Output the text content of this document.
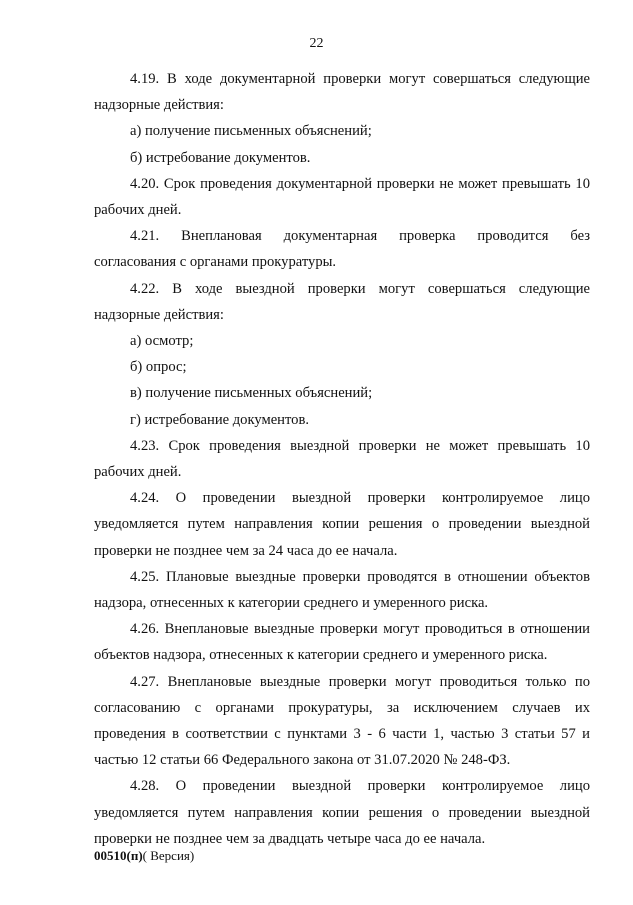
22

4.19. В ходе документарной проверки могут совершаться следующие
надзорные действия:

а) получение письменных объяснений;

б) истребование документов.

4.20. Срок проведения документарной проверки не может превышать 10
рабочих дней.

4.21. Внеплановая документарная проверка проводится без
согласования с органами прокуратуры.

4.22. В ходе выездной проверки могут совершаться следующие
надзорные действия:

а) осмотр;

б) опрос;

в) получение письменных объяснений;

г) истребование документов.

4.23. Срок проведения выездной проверки не может превышать 10
рабочих дней.

4.24. О проведении выездной проверки контролируемое лицо
уведомляется путем направления копии решения о проведении выездной
проверки не позднее чем за 24 часа до ее начала.

4.25. Плановые выездные проверки проводятся в отношении объектов
надзора, отнесенных к категории среднего и умеренного риска.

4.26. Внеплановые выездные проверки могут проводиться в отношении
объектов надзора, отнесенных к категории среднего и умеренного риска.

4.27. Внеплановые выездные проверки могут проводиться только по
согласованию с органами прокуратуры, за исключением случаев их
проведения в соответствии с пунктами 3 - 6 части 1, частью 3 статьи 57 и
частью 12 статьи 66 Федерального закона от 31.07.2020 № 248-ФЗ.

4.28. О проведении выездной проверки контролируемое лицо
уведомляется путем направления копии решения о проведении выездной
проверки не позднее чем за двадцать четыре часа до ее начала.

00510(п)( Версия)
